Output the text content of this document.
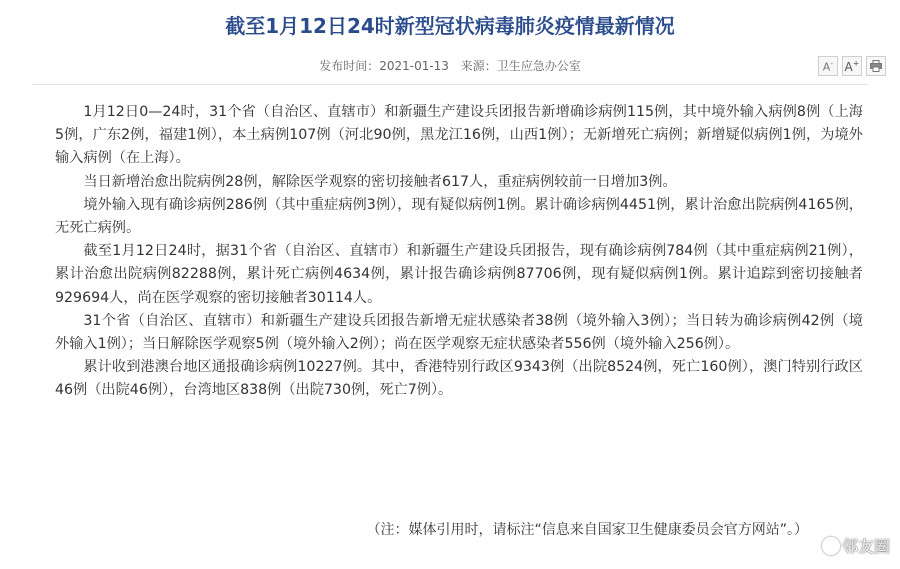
截至1月12日24时新型冠状病毒肺炎疫情最新情况
发布时间：2021-01-13 来源：卫生应急办公室	A- A+

1月12日0—24时，31个省（自治区、直辖市）和新疆生产建设兵团报告新增确诊病例115例，其中境外输入病例8例（上海5例，广东2例，福建1例），本土病例107例（河北90例，黑龙江16例，山西1例）；无新增死亡病例；新增疑似病例1例，为境外输入病例（在上海）。

当日新增治愈出院病例28例，解除医学观察的密切接触者617人，重症病例较前一日增加3例。

境外输入现有确诊病例286例（其中重症病例3例），现有疑似病例1例。累计确诊病例4451例，累计治愈出院病例4165例，无死亡病例。

截至1月12日24时，据31个省（自治区、直辖市）和新疆生产建设兵团报告，现有确诊病例784例（其中重症病例21例），累计治愈出院病例82288例，累计死亡病例4634例，累计报告确诊病例87706例，现有疑似病例1例。累计追踪到密切接触者929694人，尚在医学观察的密切接触者30114人。

31个省（自治区、直辖市）和新疆生产建设兵团报告新增无症状感染者38例（境外输入3例）；当日转为确诊病例42例（境外输入1例）；当日解除医学观察5例（境外输入2例）；尚在医学观察无症状感染者556例（境外输入256例）。

累计收到港澳台地区通报确诊病例10227例。其中，香港特别行政区9343例（出院8524例，死亡160例），澳门特别行政区46例（出院46例），台湾地区838例（出院730例，死亡7例）。

（注：媒体引用时，请标注“信息来自国家卫生健康委员会官方网站”。）
邻友圈
